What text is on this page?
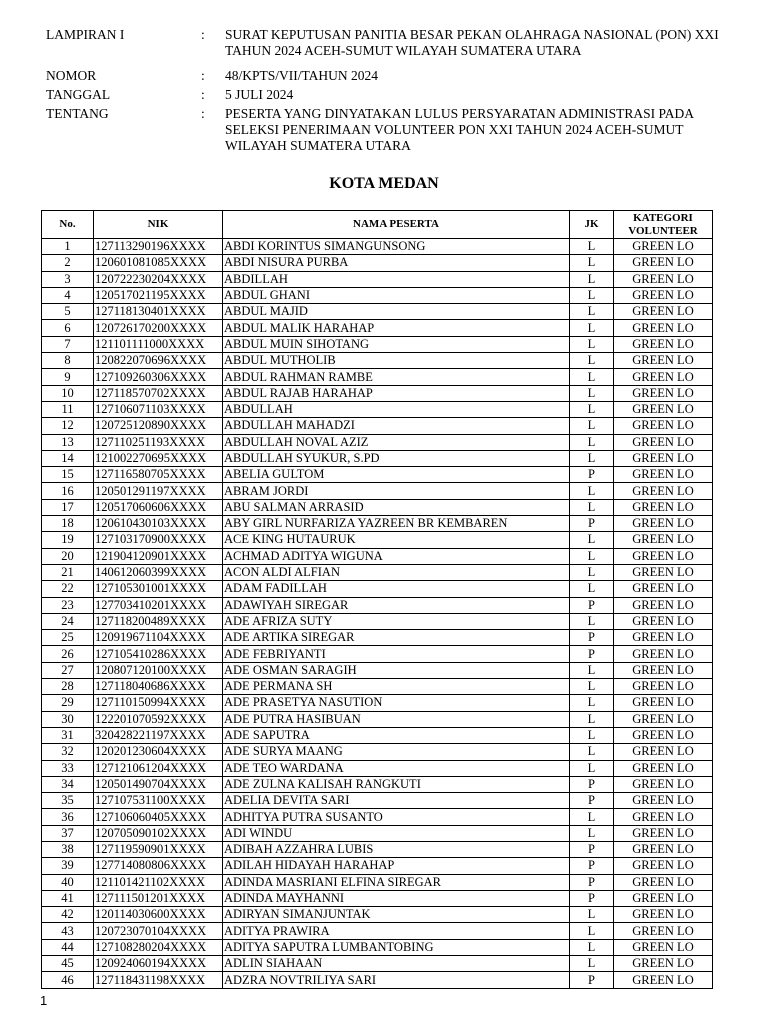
LAMPIRAN I	:	SURAT KEPUTUSAN PANITIA BESAR PEKAN OLAHRAGA NASIONAL (PON) XXI TAHUN 2024 ACEH-SUMUT WILAYAH SUMATERA UTARA
NOMOR	:	48/KPTS/VII/TAHUN 2024
TANGGAL	:	5 JULI 2024
TENTANG	:	PESERTA YANG DINYATAKAN LULUS PERSYARATAN ADMINISTRASI PADA SELEKSI PENERIMAAN VOLUNTEER PON XXI TAHUN 2024 ACEH-SUMUT WILAYAH SUMATERA UTARA
KOTA MEDAN
No.	NIK	NAMA PESERTA	JK	KATEGORI VOLUNTEER
1	127113290196XXXX	ABDI KORINTUS SIMANGUNSONG	L	GREEN LO
2	120601081085XXXX	ABDI NISURA PURBA	L	GREEN LO
3	120722230204XXXX	ABDILLAH	L	GREEN LO
4	120517021195XXXX	ABDUL GHANI	L	GREEN LO
5	127118130401XXXX	ABDUL MAJID	L	GREEN LO
6	120726170200XXXX	ABDUL MALIK HARAHAP	L	GREEN LO
7	121101111000XXXX	ABDUL MUIN SIHOTANG	L	GREEN LO
8	120822070696XXXX	ABDUL MUTHOLIB	L	GREEN LO
9	127109260306XXXX	ABDUL RAHMAN RAMBE	L	GREEN LO
10	127118570702XXXX	ABDUL RAJAB HARAHAP	L	GREEN LO
11	127106071103XXXX	ABDULLAH	L	GREEN LO
12	120725120890XXXX	ABDULLAH MAHADZI	L	GREEN LO
13	127110251193XXXX	ABDULLAH NOVAL AZIZ	L	GREEN LO
14	121002270695XXXX	ABDULLAH SYUKUR, S.PD	L	GREEN LO
15	127116580705XXXX	ABELIA GULTOM	P	GREEN LO
16	120501291197XXXX	ABRAM JORDI	L	GREEN LO
17	120517060606XXXX	ABU SALMAN ARRASID	L	GREEN LO
18	120610430103XXXX	ABY GIRL NURFARIZA YAZREEN BR KEMBAREN	P	GREEN LO
19	127103170900XXXX	ACE KING HUTAURUK	L	GREEN LO
20	121904120901XXXX	ACHMAD ADITYA WIGUNA	L	GREEN LO
21	140612060399XXXX	ACON ALDI ALFIAN	L	GREEN LO
22	127105301001XXXX	ADAM FADILLAH	L	GREEN LO
23	127703410201XXXX	ADAWIYAH SIREGAR	P	GREEN LO
24	127118200489XXXX	ADE AFRIZA SUTY	L	GREEN LO
25	120919671104XXXX	ADE ARTIKA SIREGAR	P	GREEN LO
26	127105410286XXXX	ADE FEBRIYANTI	P	GREEN LO
27	120807120100XXXX	ADE OSMAN SARAGIH	L	GREEN LO
28	127118040686XXXX	ADE PERMANA SH	L	GREEN LO
29	127110150994XXXX	ADE PRASETYA NASUTION	L	GREEN LO
30	122201070592XXXX	ADE PUTRA HASIBUAN	L	GREEN LO
31	320428221197XXXX	ADE SAPUTRA	L	GREEN LO
32	120201230604XXXX	ADE SURYA MAANG	L	GREEN LO
33	127121061204XXXX	ADE TEO WARDANA	L	GREEN LO
34	120501490704XXXX	ADE ZULNA KALISAH RANGKUTI	P	GREEN LO
35	127107531100XXXX	ADELIA DEVITA SARI	P	GREEN LO
36	127106060405XXXX	ADHITYA PUTRA SUSANTO	L	GREEN LO
37	120705090102XXXX	ADI WINDU	L	GREEN LO
38	127119590901XXXX	ADIBAH AZZAHRA LUBIS	P	GREEN LO
39	127714080806XXXX	ADILAH HIDAYAH HARAHAP	P	GREEN LO
40	121101421102XXXX	ADINDA MASRIANI ELFINA SIREGAR	P	GREEN LO
41	127111501201XXXX	ADINDA MAYHANNI	P	GREEN LO
42	120114030600XXXX	ADIRYAN SIMANJUNTAK	L	GREEN LO
43	120723070104XXXX	ADITYA PRAWIRA	L	GREEN LO
44	127108280204XXXX	ADITYA SAPUTRA LUMBANTOBING	L	GREEN LO
45	120924060194XXXX	ADLIN SIAHAAN	L	GREEN LO
46	127118431198XXXX	ADZRA NOVTRILIYA SARI	P	GREEN LO
1
